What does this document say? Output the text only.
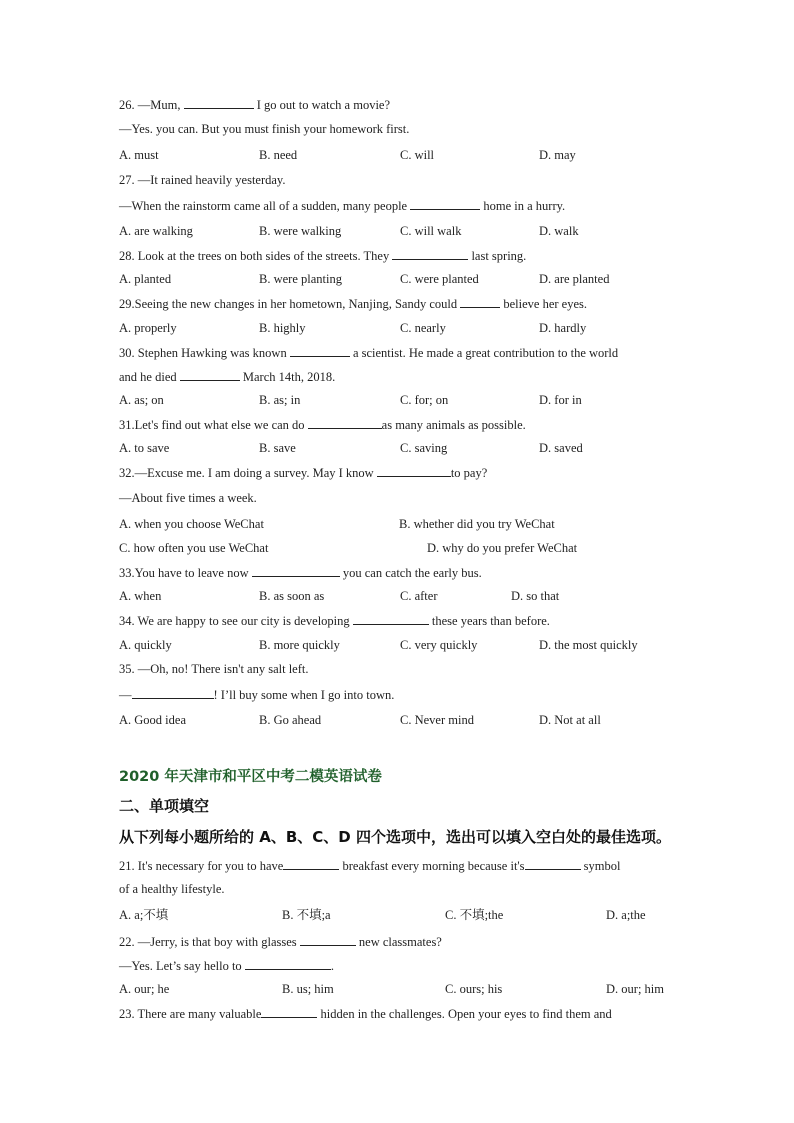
26. —Mum,	I go out to watch a movie?
—Yes. you can. But you must finish your homework first.
A. must	B. need	C. will	D. may
27. —It rained heavily yesterday.
—When the rainstorm came all of a sudden, many people	home in a hurry.
A. are walking	B. were walking	C. will walk	D. walk
28. Look at the trees on both sides of the streets. They	last spring.
A. planted	B. were planting	C. were planted	D. are planted
29.Seeing the new changes in her hometown, Nanjing, Sandy could	believe her eyes.
A. properly	B. highly	C. nearly	D. hardly
30. Stephen Hawking was known	a scientist. He made a great contribution to the world
and he died	March 14th, 2018.
A. as; on	B. as; in	C. for; on	D. for in
31.Let's find out what else we can do	as many animals as possible.
A. to save	B. save	C. saving	D. saved
32.—Excuse me. I am doing a survey. May I know	to pay?
—About five times a week.
A. when you choose WeChat	B. whether did you try WeChat
C. how often you use WeChat	D. why do you prefer WeChat
33.You have to leave now	you can catch the early bus.
A. when	B. as soon as	C. after	D. so that
34. We are happy to see our city is developing	these years than before.
A. quickly	B. more quickly	C. very quickly	D. the most quickly
35. —Oh, no! There isn't any salt left.
—	! I’ll buy some when I go into town.
A. Good idea	B. Go ahead	C. Never mind	D. Not at all
2020 年天津市和平区中考二模英语试卷
二、单项填空
从下列每小题所给的 A、B、C、D 四个选项中，选出可以填入空白处的最佳选项。
21. It's necessary for you to have	breakfast every morning because it's	symbol
of a healthy lifestyle.
A. a;不填	B. 不填;a	C. 不填;the	D. a;the
22. —Jerry, is that boy with glasses	new classmates?
—Yes. Let’s say hello to	.
A. our; he	B. us; him	C. ours; his	D. our; him
23. There are many valuable	hidden in the challenges. Open your eyes to find them and
